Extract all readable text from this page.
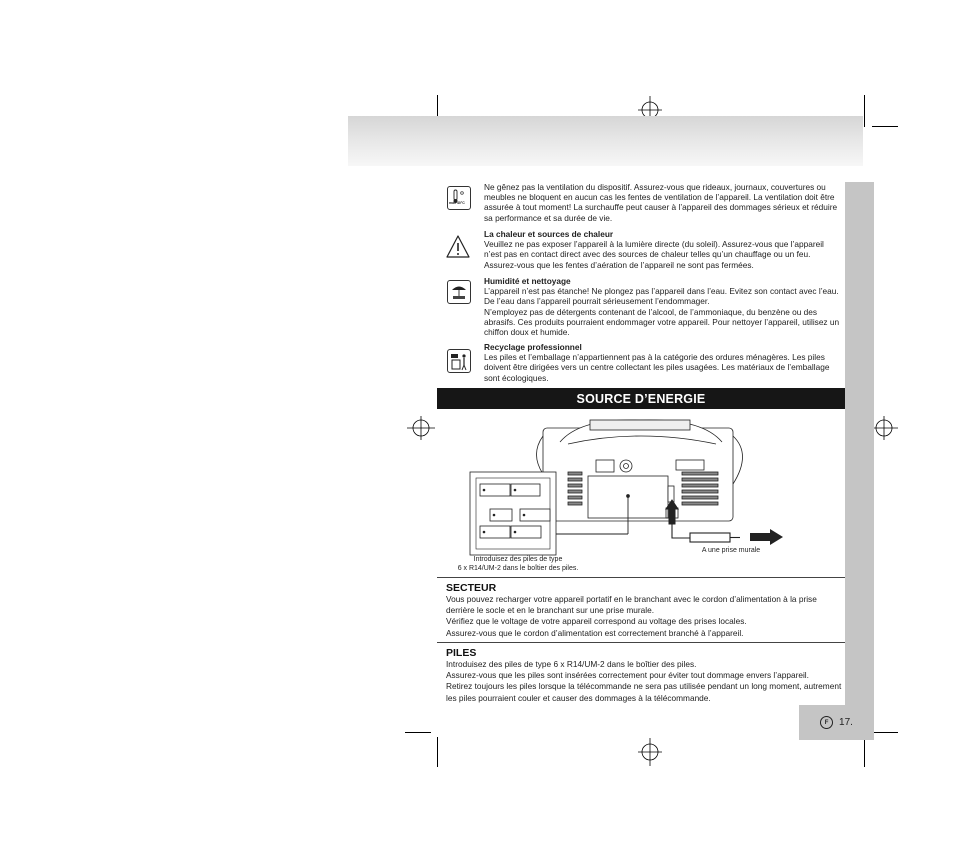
max 40°C

Ne gênez pas la ventilation du dispositif. Assurez-vous que rideaux, journaux, couvertures ou meubles ne bloquent en aucun cas les fentes de ventilation de l’appareil. La ventilation doit être assurée à tout moment! La surchauffe peut causer à l’appareil des dommages sérieux et réduire sa performance et sa durée de vie.

La chaleur et sources de chaleur

Veuillez ne pas exposer l’appareil à la lumière directe (du soleil). Assurez-vous que l’appareil n’est pas en contact direct avec des sources de chaleur telles qu’un chauffage ou un feu. Assurez-vous que les fentes d’aération de l’appareil ne sont pas fermées.

Humidité et nettoyage

L’appareil n’est pas étanche! Ne plongez pas l’appareil dans l’eau. Evitez son contact avec l’eau. De l’eau dans l’appareil pourrait sérieusement l’endommager.

N’employez pas de détergents contenant de l’alcool, de l’ammoniaque, du benzène ou des abrasifs. Ces produits pourraient endommager votre appareil. Pour nettoyer l’appareil, utilisez un chiffon doux et humide.

Recyclage professionnel

Les piles et l’emballage n’appartiennent pas à la catégorie des ordures ménagères. Les piles doivent être dirigées vers un centre collectant les piles usagées. Les matériaux de l’emballage sont écologiques.

SOURCE D’ENERGIE
Introduisez des piles de type
6 x R14/UM-2 dans le boîtier des piles.
A une prise murale
SECTEUR

Vous pouvez recharger votre appareil portatif en le branchant avec le cordon d’alimentation à la prise derrière le socle et en le branchant sur une prise murale.

Vérifiez que le voltage de votre appareil correspond au voltage des prises locales.

Assurez-vous que le cordon d’alimentation est correctement branché à l’appareil.

PILES

Introduisez des piles de type 6 x R14/UM-2 dans le boîtier des piles.

Assurez-vous que les piles sont insérées correctement pour éviter tout dommage envers l’appareil.

Retirez toujours les piles lorsque la télécommande ne sera pas utilisée pendant un long moment, autrement les piles pourraient couler et causer des dommages à la télécommande.

F	17.
